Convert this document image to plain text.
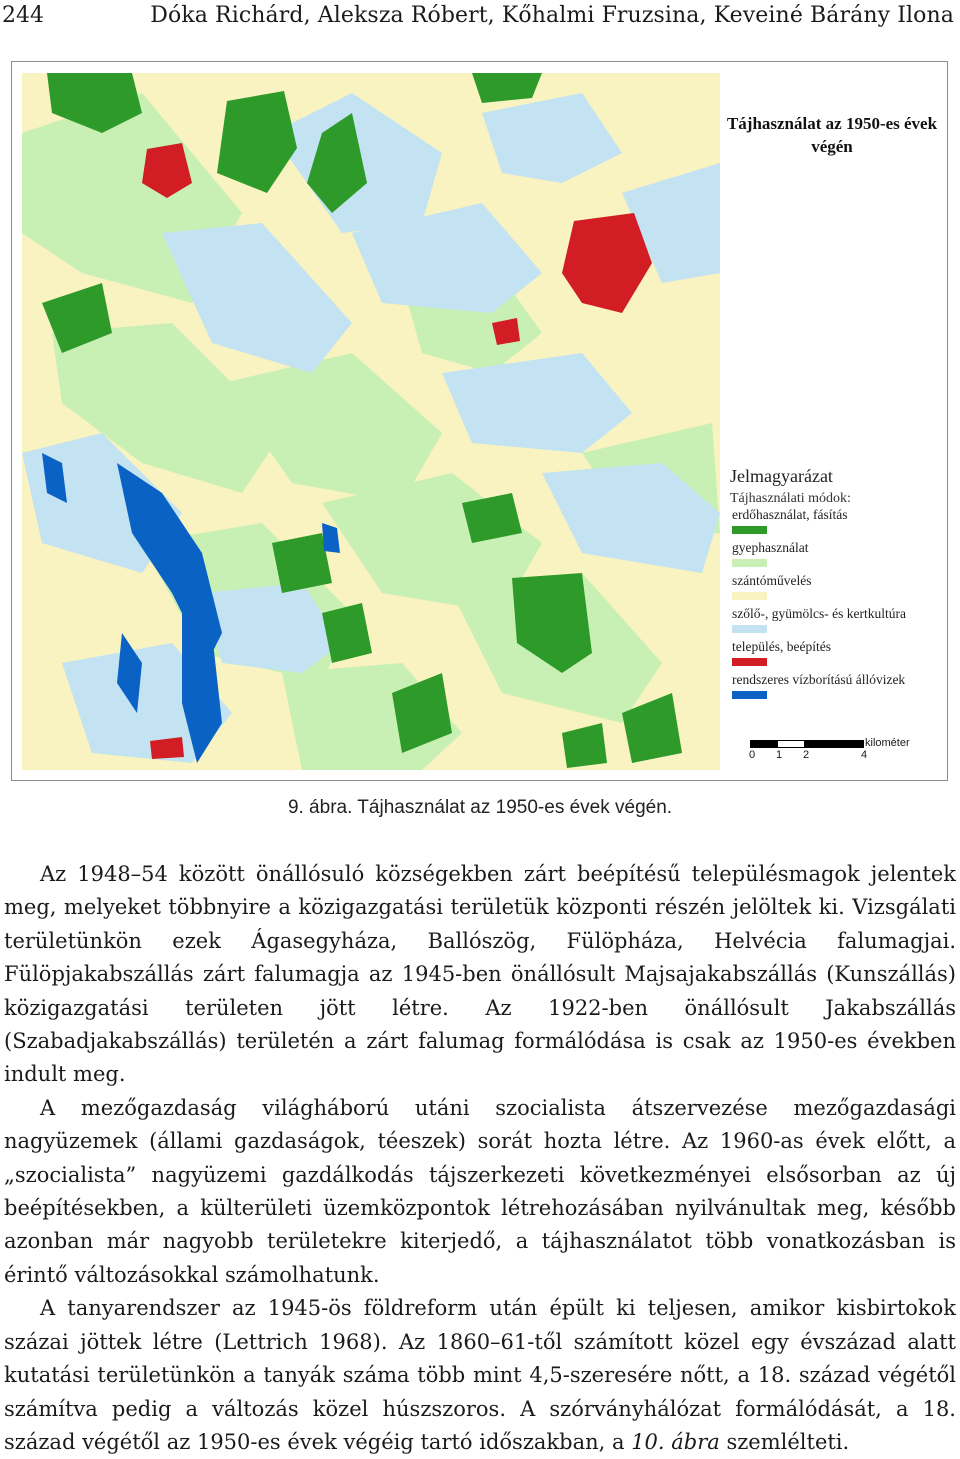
244	Dóka Richárd, Aleksza Róbert, Kőhalmi Fruzsina, Keveiné Bárány Ilona
Tájhasználat az 1950-es évek végén
Jelmagyarázat
Tájhasználati módok:
erdőhasználat, fásítás
gyephasználat
szántóművelés
szőlő-, gyümölcs- és kertkultúra
település, beépítés
rendszeres vízborítású állóvizek
kilométer
0 1 2	4
9. ábra. Tájhasználat az 1950-es évek végén.

Az 1948–54 között önállósuló községekben zárt beépítésű településmagok jelentek meg, melyeket többnyire a közigazgatási területük központi részén jelöltek ki. Vizsgálati területünkön ezek Ágasegyháza, Ballószög, Fülöpháza, Helvécia falumagjai. Fülöpjakabszállás zárt falumagja az 1945-ben önállósult Majsajakabszállás (Kunszállás) közigazgatási területen jött létre. Az 1922-ben önállósult Jakabszállás (Szabadjakabszállás) területén a zárt falumag formálódása is csak az 1950-es években indult meg.

A mezőgazdaság világháború utáni szocialista átszervezése mezőgazdasági nagyüzemek (állami gazdaságok, téeszek) sorát hozta létre. Az 1960-as évek előtt, a „szocialista” nagyüzemi gazdálkodás tájszerkezeti következményei elsősorban az új beépítésekben, a külterületi üzemközpontok létrehozásában nyilvánultak meg, később azonban már nagyobb területekre kiterjedő, a tájhasználatot több vonatkozásban is érintő változásokkal számolhatunk.

A tanyarendszer az 1945-ös földreform után épült ki teljesen, amikor kisbirtokok százai jöttek létre (Lettrich 1968). Az 1860–61-től számított közel egy évszázad alatt kutatási területünkön a tanyák száma több mint 4,5-szeresére nőtt, a 18. század végétől számítva pedig a változás közel húszszoros. A szórványhálózat formálódását, a 18. század végétől az 1950-es évek végéig tartó időszakban, a 10. ábra szemlélteti.
